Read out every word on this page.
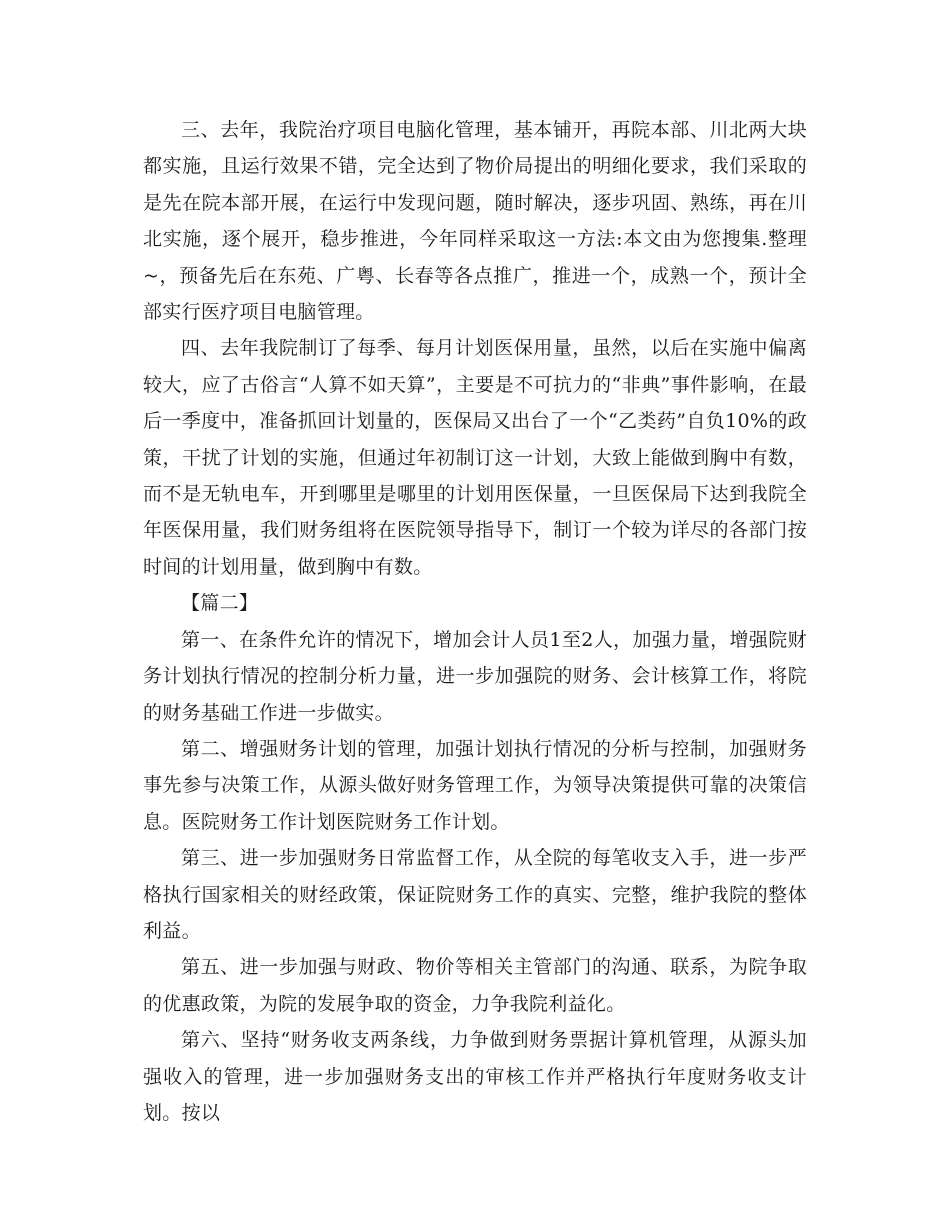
三、去年，我院治疗项目电脑化管理，基本铺开，再院本部、川北两大块都实施，且运行效果不错，完全达到了物价局提出的明细化要求，我们采取的是先在院本部开展，在运行中发现问题，随时解决，逐步巩固、熟练，再在川北实施，逐个展开，稳步推进，今年同样采取这一方法:本文由为您搜集.整理~，预备先后在东苑、广粤、长春等各点推广，推进一个，成熟一个，预计全部实行医疗项目电脑管理。

四、去年我院制订了每季、每月计划医保用量，虽然，以后在实施中偏离较大，应了古俗言“人算不如天算”，主要是不可抗力的“非典”事件影响，在最后一季度中，准备抓回计划量的，医保局又出台了一个“乙类药”自负10%的政策，干扰了计划的实施，但通过年初制订这一计划，大致上能做到胸中有数，而不是无轨电车，开到哪里是哪里的计划用医保量，一旦医保局下达到我院全年医保用量，我们财务组将在医院领导指导下，制订一个较为详尽的各部门按时间的计划用量，做到胸中有数。

【篇二】

第一、在条件允许的情况下，增加会计人员1至2人，加强力量，增强院财务计划执行情况的控制分析力量，进一步加强院的财务、会计核算工作，将院的财务基础工作进一步做实。

第二、增强财务计划的管理，加强计划执行情况的分析与控制，加强财务事先参与决策工作，从源头做好财务管理工作，为领导决策提供可靠的决策信息。医院财务工作计划医院财务工作计划。

第三、进一步加强财务日常监督工作，从全院的每笔收支入手，进一步严格执行国家相关的财经政策，保证院财务工作的真实、完整，维护我院的整体利益。

第五、进一步加强与财政、物价等相关主管部门的沟通、联系，为院争取的优惠政策，为院的发展争取的资金，力争我院利益化。

第六、坚持“财务收支两条线，力争做到财务票据计算机管理，从源头加强收入的管理，进一步加强财务支出的审核工作并严格执行年度财务收支计划。按以
